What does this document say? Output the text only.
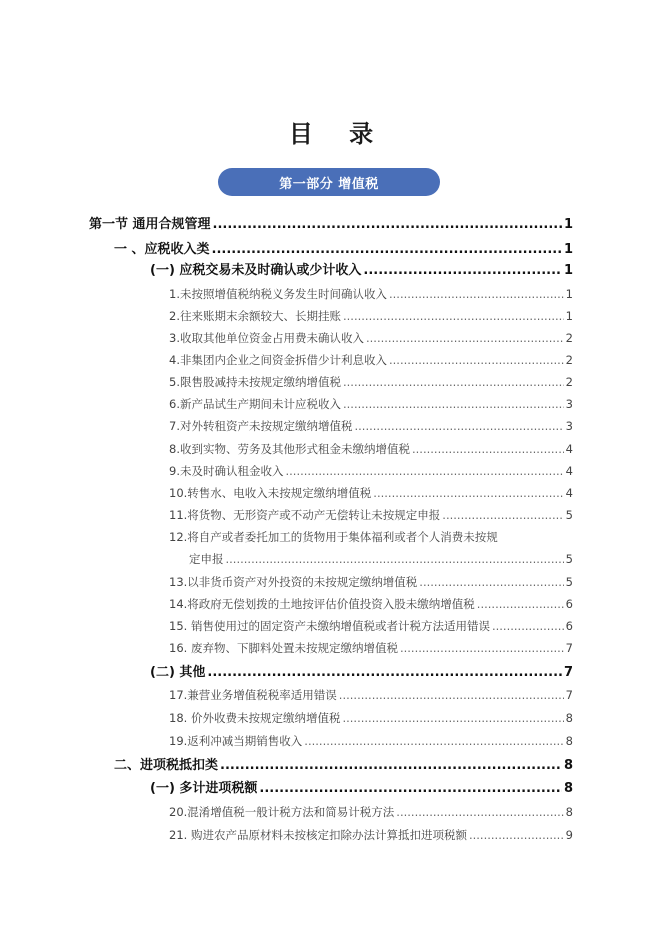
目 录
第一部分 增值税
第一节 通用合规管理 .....	1
一 、应税收入类 .....	1
(一) 应税交易未及时确认或少计收入 .....	1
1.未按照增值税纳税义务发生时间确认收入 .....	1
2.往来账期末余额较大、长期挂账 .....	1
3.收取其他单位资金占用费未确认收入 .....	2
4.非集团内企业之间资金拆借少计利息收入 .....	2
5.限售股减持未按规定缴纳增值税 .....	2
6.新产品试生产期间未计应税收入 .....	3
7.对外转租资产未按规定缴纳增值税 .....	3
8.收到实物、劳务及其他形式租金未缴纳增值税 .....	4
9.未及时确认租金收入 .....	4
10.转售水、电收入未按规定缴纳增值税 .....	4
11.将货物、无形资产或不动产无偿转让未按规定申报 .....	5
12.将自产或者委托加工的货物用于集体福利或者个人消费未按规
定申报 .....	5
13.以非货币资产对外投资的未按规定缴纳增值税 .....	5
14.将政府无偿划拨的土地按评估价值投资入股未缴纳增值税 .....	6
15. 销售使用过的固定资产未缴纳增值税或者计税方法适用错误 .....	6
16. 废弃物、下脚料处置未按规定缴纳增值税 .....	7
(二) 其他 .....	7
17.兼营业务增值税税率适用错误 .....	7
18. 价外收费未按规定缴纳增值税 .....	8
19.返利冲减当期销售收入 .....	8
二、进项税抵扣类 .....	8
(一) 多计进项税额 .....	8
20.混淆增值税一般计税方法和简易计税方法 .....	8
21. 购进农产品原材料未按核定扣除办法计算抵扣进项税额 .....	9
